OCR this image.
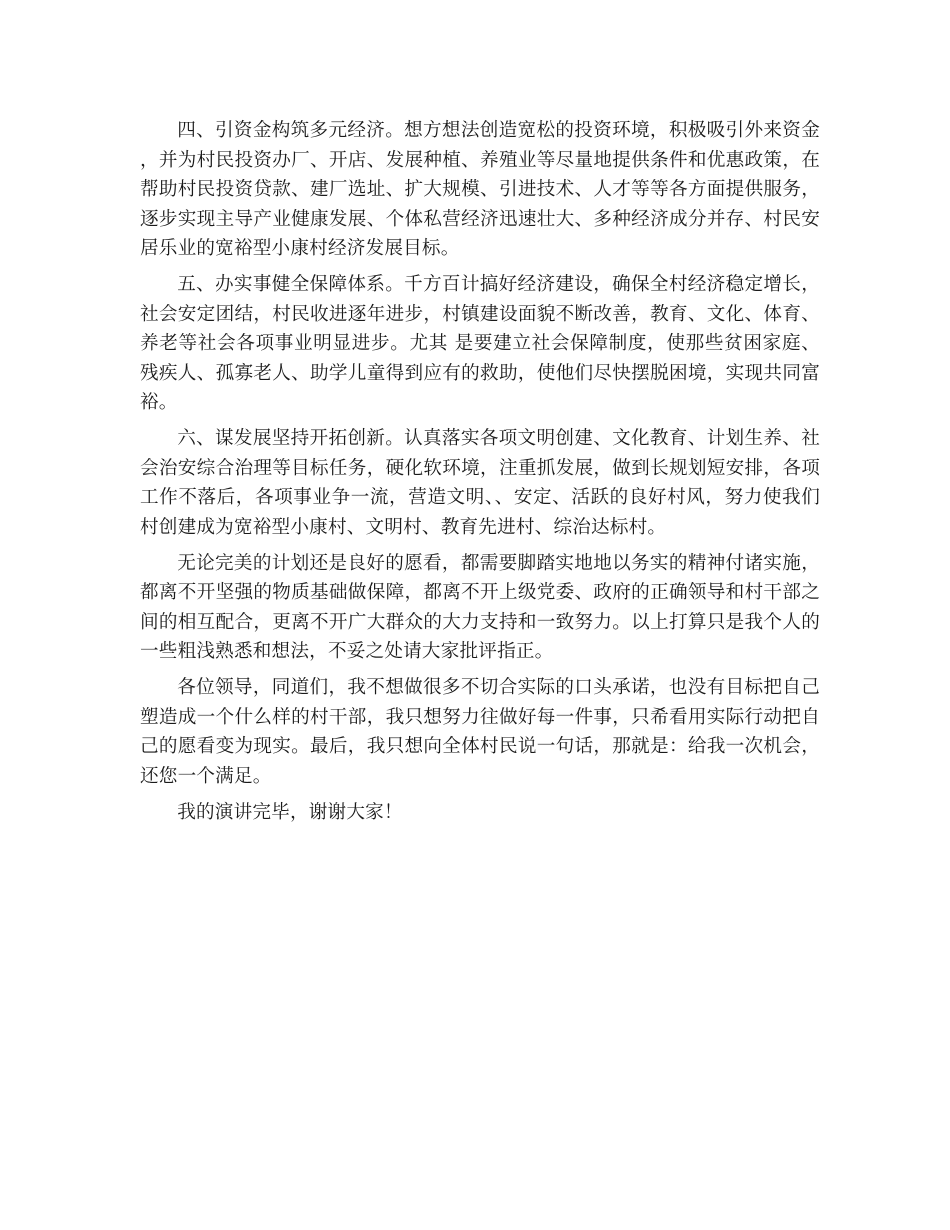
四、引资金构筑多元经济。想方想法创造宽松的投资环境，积极吸引外来资金，并为村民投资办厂、开店、发展种植、养殖业等尽量地提供条件和优惠政策，在帮助村民投资贷款、建厂选址、扩大规模、引进技术、人才等等各方面提供服务，逐步实现主导产业健康发展、个体私营经济迅速壮大、多种经济成分并存、村民安居乐业的宽裕型小康村经济发展目标。

五、办实事健全保障体系。千方百计搞好经济建设，确保全村经济稳定增长，社会安定团结，村民收进逐年进步，村镇建设面貌不断改善，教育、文化、体育、养老等社会各项事业明显进步。尤其 是要建立社会保障制度，使那些贫困家庭、残疾人、孤寡老人、助学儿童得到应有的救助，使他们尽快摆脱困境，实现共同富裕。

六、谋发展坚持开拓创新。认真落实各项文明创建、文化教育、计划生养、社会治安综合治理等目标任务，硬化软环境，注重抓发展，做到长规划短安排，各项工作不落后，各项事业争一流，营造文明、、安定、活跃的良好村风，努力使我们村创建成为宽裕型小康村、文明村、教育先进村、综治达标村。

无论完美的计划还是良好的愿看，都需要脚踏实地地以务实的精神付诸实施，都离不开坚强的物质基础做保障，都离不开上级党委、政府的正确领导和村干部之间的相互配合，更离不开广大群众的大力支持和一致努力。以上打算只是我个人的一些粗浅熟悉和想法，不妥之处请大家批评指正。

各位领导，同道们，我不想做很多不切合实际的口头承诺，也没有目标把自己塑造成一个什么样的村干部，我只想努力往做好每一件事，只希看用实际行动把自己的愿看变为现实。最后，我只想向全体村民说一句话，那就是：给我一次机会，还您一个满足。

我的演讲完毕，谢谢大家！
